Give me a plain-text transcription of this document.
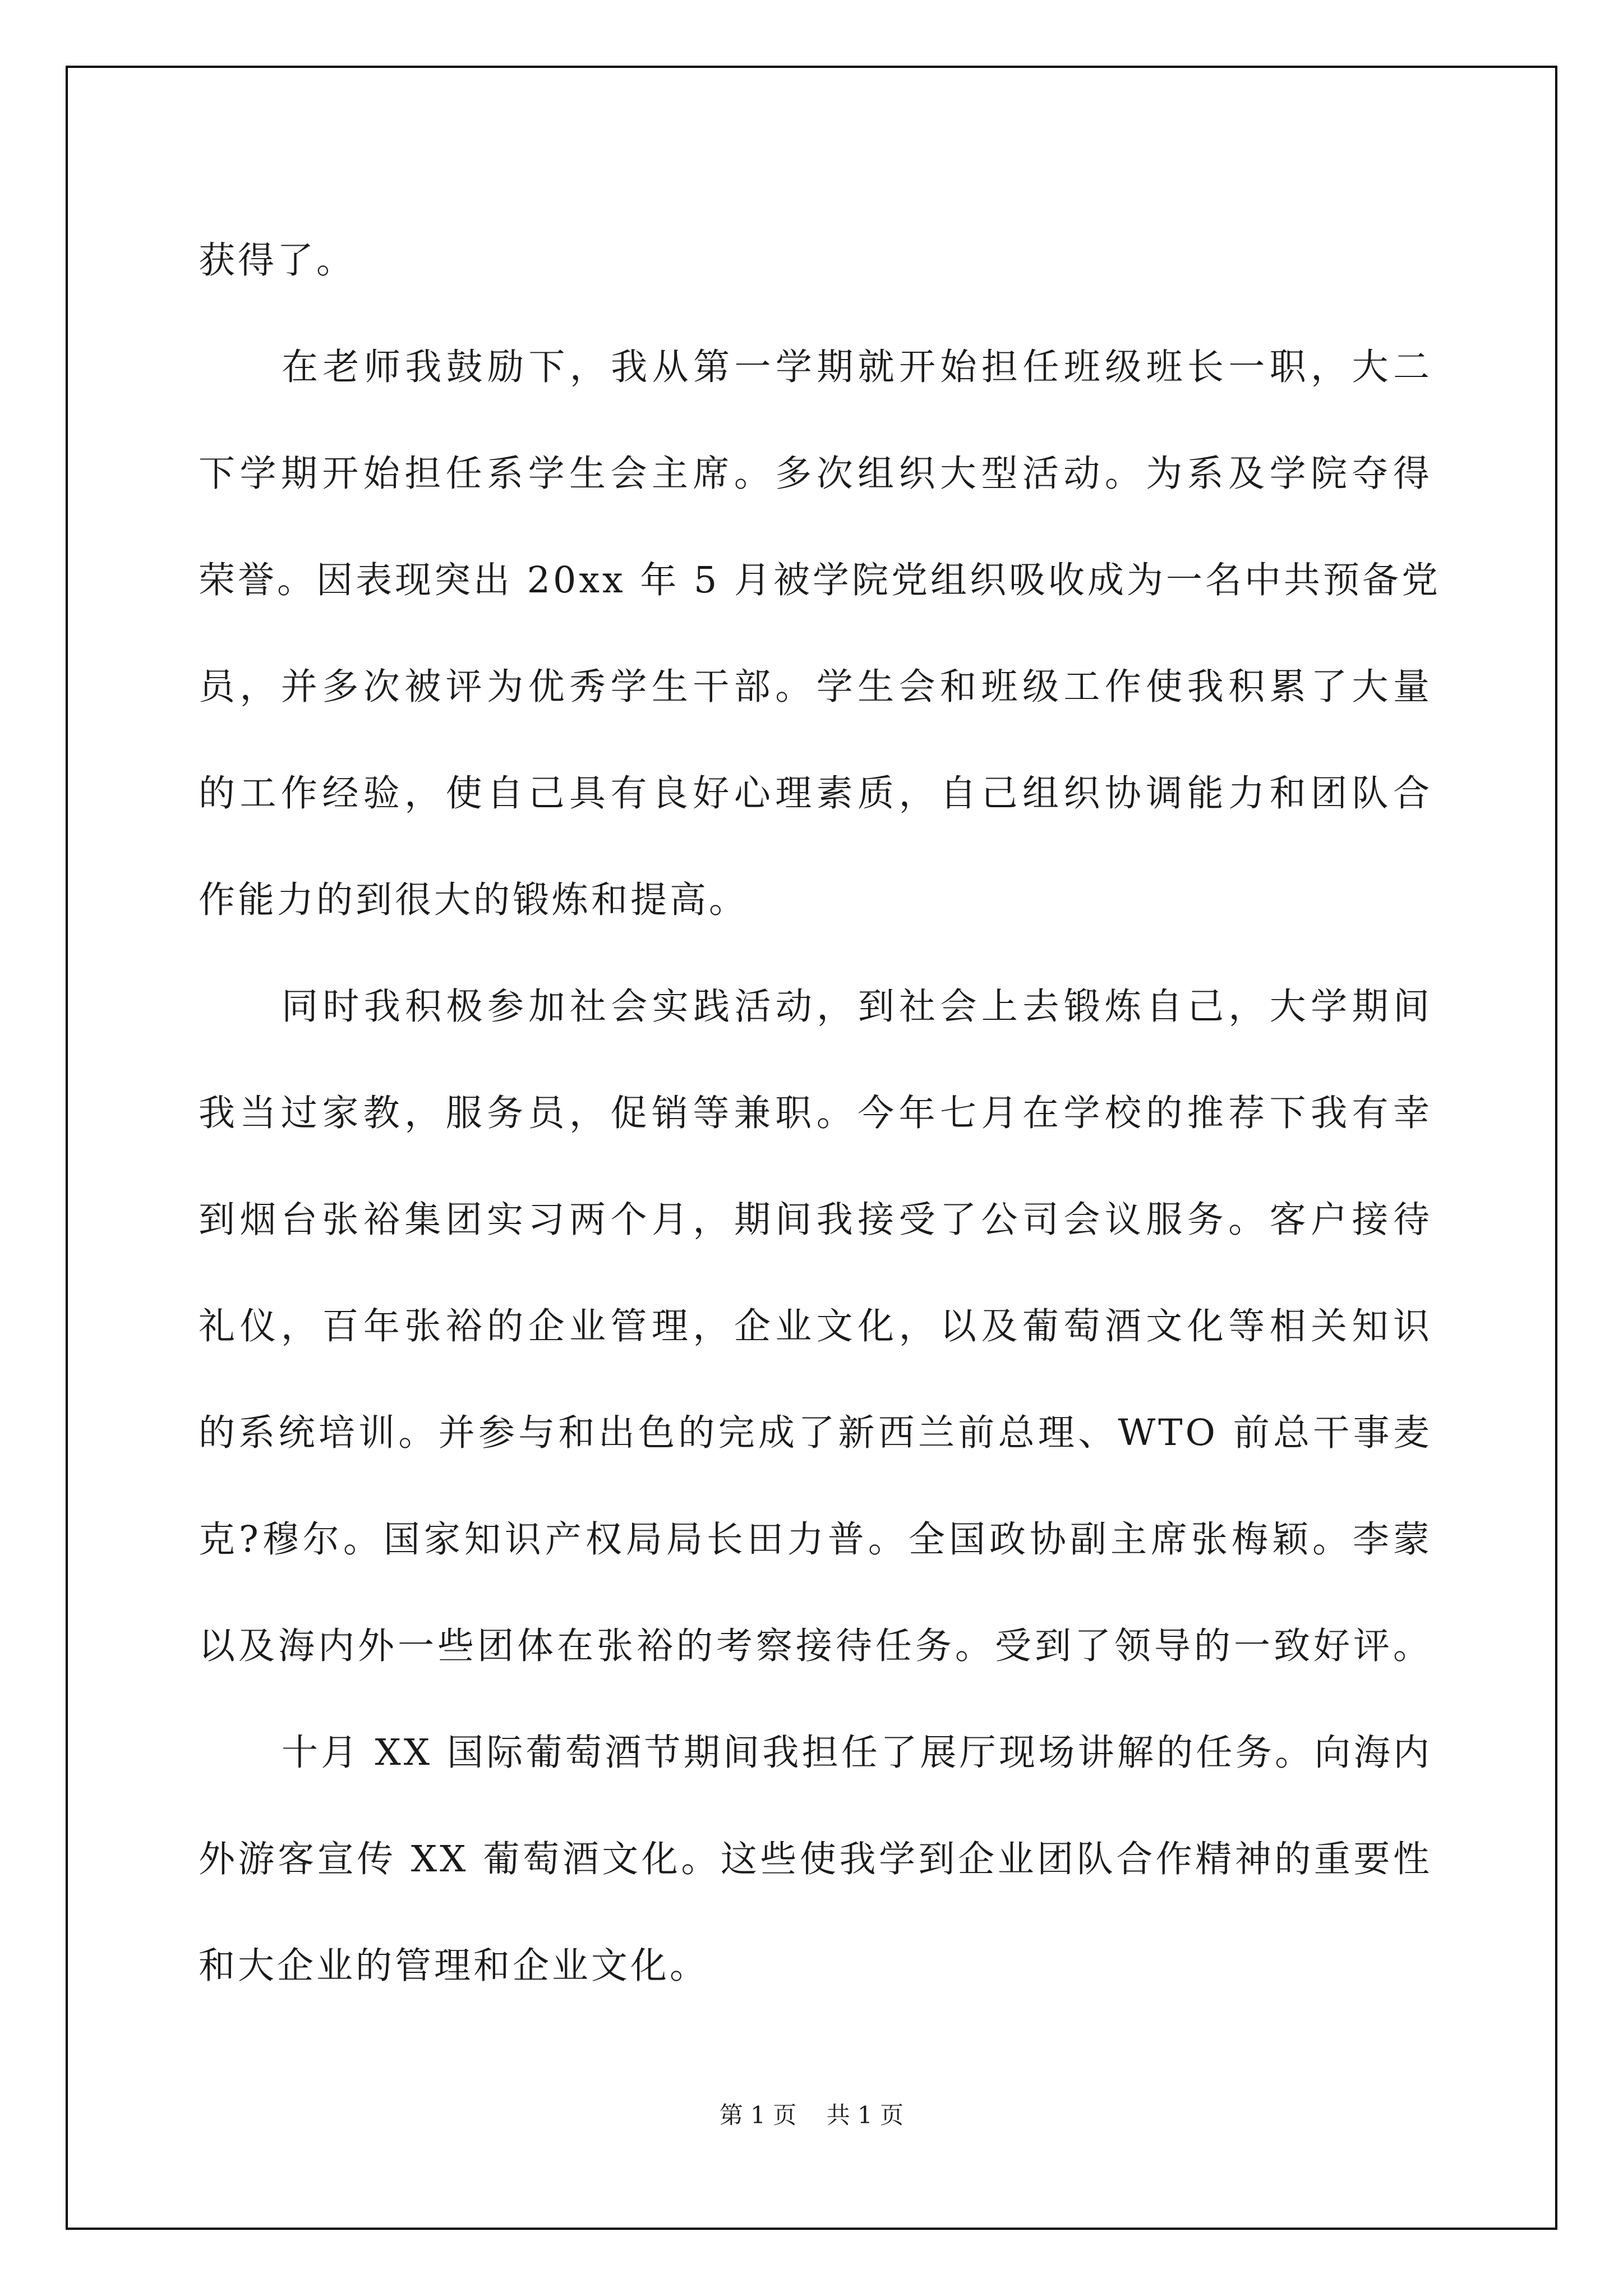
获得了。
在老师我鼓励下，我从第一学期就开始担任班级班长一职，大二
下学期开始担任系学生会主席。多次组织大型活动。为系及学院夺得
荣誉。因表现突出 20xx 年 5 月被学院党组织吸收成为一名中共预备党
员，并多次被评为优秀学生干部。学生会和班级工作使我积累了大量
的工作经验，使自己具有良好心理素质，自己组织协调能力和团队合
作能力的到很大的锻炼和提高。
同时我积极参加社会实践活动，到社会上去锻炼自己，大学期间
我当过家教，服务员，促销等兼职。今年七月在学校的推荐下我有幸
到烟台张裕集团实习两个月，期间我接受了公司会议服务。客户接待
礼仪，百年张裕的企业管理，企业文化，以及葡萄酒文化等相关知识
的系统培训。并参与和出色的完成了新西兰前总理、WTO 前总干事麦
克?穆尔。国家知识产权局局长田力普。全国政协副主席张梅颖。李蒙
以及海内外一些团体在张裕的考察接待任务。受到了领导的一致好评。
十月 XX 国际葡萄酒节期间我担任了展厅现场讲解的任务。向海内
外游客宣传 XX 葡萄酒文化。这些使我学到企业团队合作精神的重要性
和大企业的管理和企业文化。
第 1 页    共 1 页
